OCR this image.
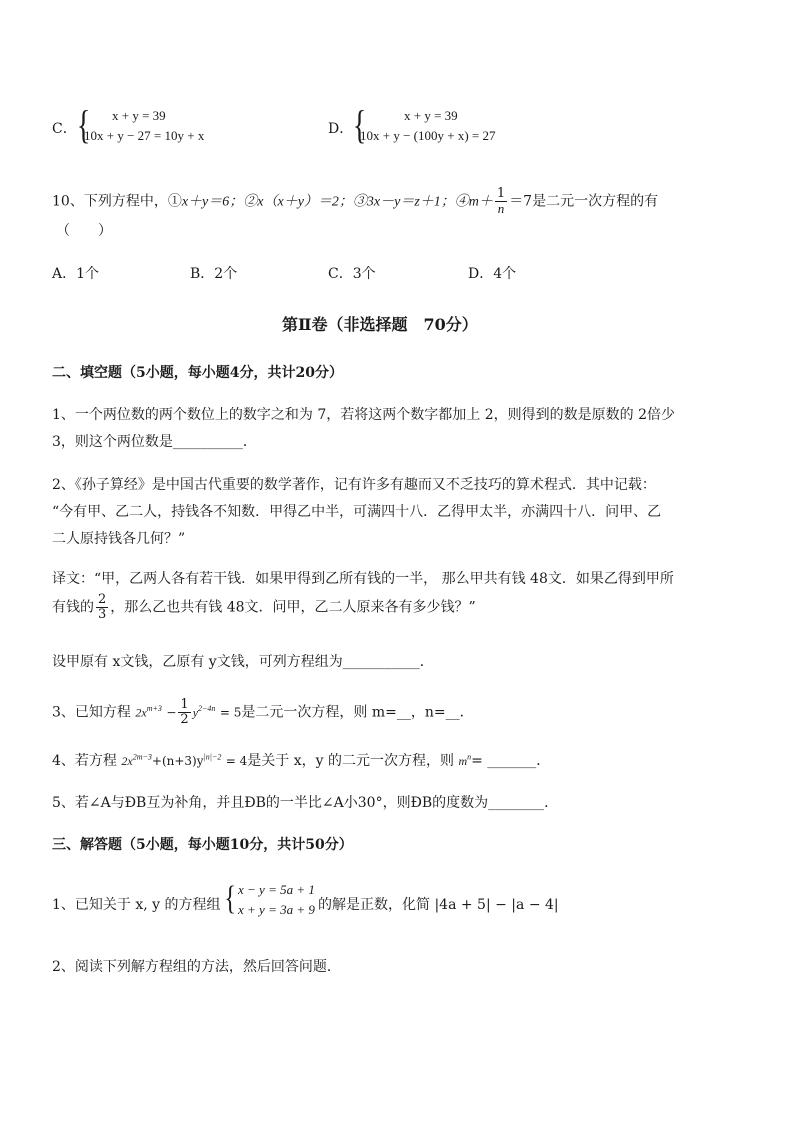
C． { x + y = 39
10x + y − 27 = 10y + x	D． {	x + y = 39
10x + y − (100y + x) = 27
10、下列方程中，①x＋y＝6；②x（x＋y）＝2；③3x－y＝z＋1；④m＋ $\frac{1}{n} =7$是二元一次方程的有
（　　）
A．1个	B．2个	C．3个	D．4个
第Ⅱ卷（非选择题　70分）
二、填空题（5小题，每小题4分，共计20分）
1、一个两位数的两个数位上的数字之和为 7，若将这两个数字都加上 2，则得到的数是原数的 2倍少
3，则这个两位数是__________．
2、《孙子算经》是中国古代重要的数学著作，记有许多有趣而又不乏技巧的算术程式．其中记载：
“今有甲、乙二人，持钱各不知数．甲得乙中半，可满四十八．乙得甲太半，亦满四十八．问甲、乙
二人原持钱各几何？”
译文：“甲，乙两人各有若干钱．如果甲得到乙所有钱的一半， 那么甲共有钱 48文．如果乙得到甲所
有钱的 $\frac{2}{3}$ ，那么乙也共有钱 48文．问甲，乙二人原来各有多少钱？”
设甲原有 x文钱，乙原有 y文钱，可列方程组为___________．
3、已知方程 $2x^{m+3} - \frac{1}{2} y^{2-4n} = 5$是二元一次方程，则 m=__，n=__．
4、若方程 $2x^{2m-3}+(n+3)y^{|n|-2} = 4$是关于 x，y 的二元一次方程，则 $m^n=$ _______．
5、若∠A与ÐB互为补角，并且ÐB的一半比∠A小30°，则ÐB的度数为________．
三、解答题（5小题，每小题10分，共计50分）
1、已知关于 x, y 的方程组 { x − y = 5a + 1
x + y = 3a + 9 的解是正数，化简 |4a + 5| − |a − 4|
2、阅读下列解方程组的方法，然后回答问题．
